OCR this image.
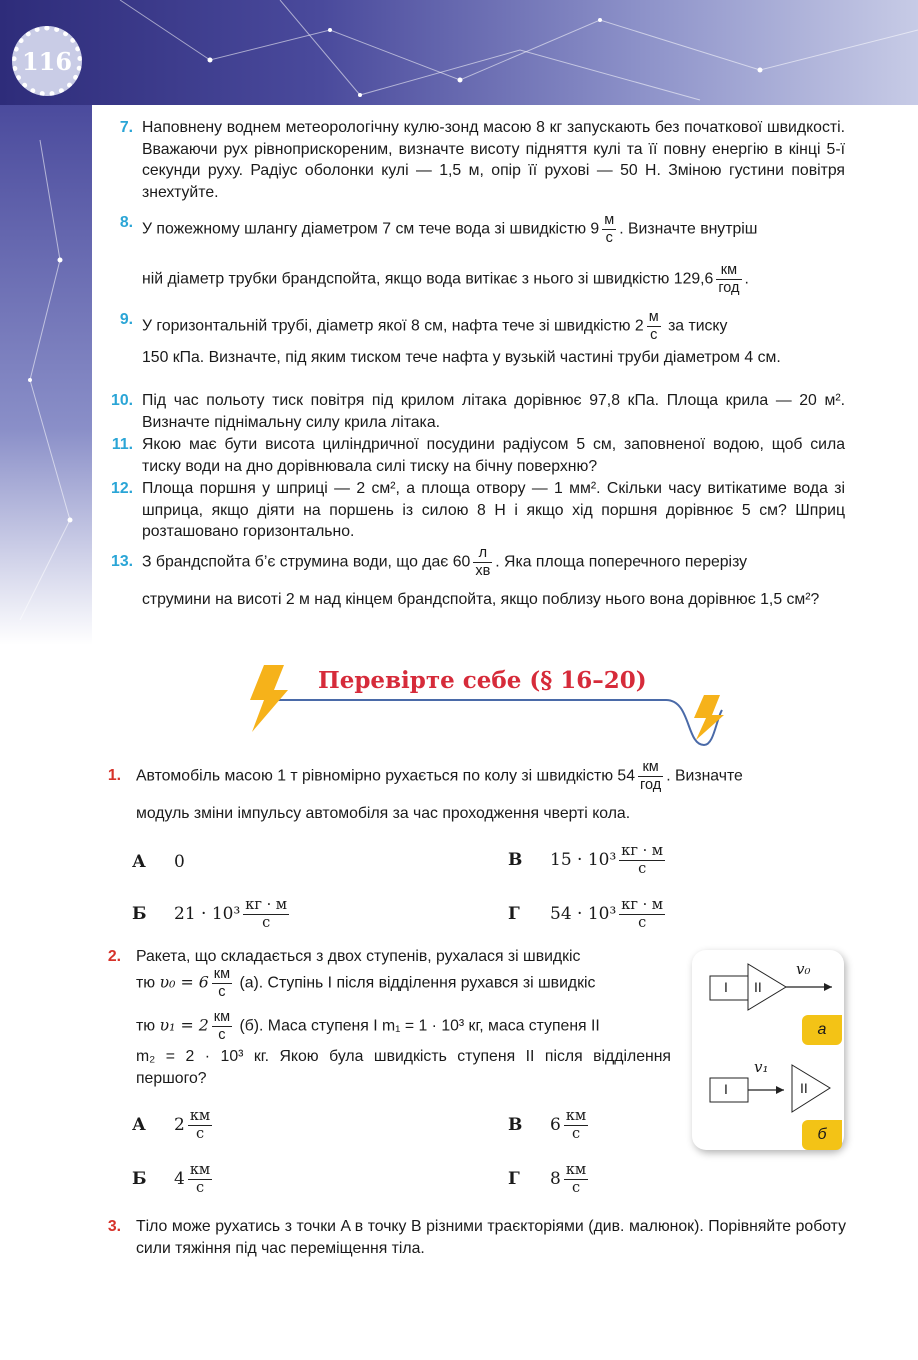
116
7. Наповнену воднем метеорологічну кулю-зонд масою 8 кг запускають без початкової швидкості. Вважаючи рух рівноприскореним, визначте висоту підняття кулі та її повну енергію в кінці 5-ї секунди руху. Радіус оболонки кулі — 1,5 м, опір її рухові — 50 Н. Зміною густини повітря знехтуйте.
8. У пожежному шлангу діаметром 7 см тече вода зі швидкістю $9 \frac{м}{с}$ . Визначте внутріш
ній діаметр трубки брандспойта, якщо вода витікає з нього зі швидкістю $129,6 \frac{км}{\text{год}}$ .
9. У горизонтальній трубі, діаметр якої 8 см, нафта тече зі швидкістю $2 \frac{м}{с}$ за тиску
150 кПа. Визначте, під яким тиском тече нафта у вузькій частині труби діаметром 4 см.
10. Під час польоту тиск повітря під крилом літака дорівнює 97,8 кПа. Площа крила — 20 м². Визначте піднімальну силу крила літака.
11. Якою має бути висота циліндричної посудини радіусом 5 см, заповненої водою, щоб сила тиску води на дно дорівнювала силі тиску на бічну поверхню?
12. Площа поршня у шприці — 2 см², а площа отвору — 1 мм². Скільки часу витікатиме вода зі шприца, якщо діяти на поршень із силою 8 Н і якщо хід поршня дорівнює 5 см? Шприц розташовано горизонтально.
13. З брандспойта б’є струмина води, що дає $60 \frac{л}{хв}$ . Яка площа поперечного перерізу
струмини на висоті 2 м над кінцем брандспойта, якщо поблизу нього вона дорівнює 1,5 см²?
Перевірте себе (§ 16–20)
1. Автомобіль масою 1 т рівномірно рухається по колу зі швидкістю $54 \frac{км}{\text{год}}$ . Визначте
модуль зміни імпульсу автомобіля за час проходження чверті кола.
А 0	В $15 \cdot 10^3 \frac{кг \cdot м}{с}$
Б $21 \cdot 10^3 \frac{кг \cdot м}{с}$	Г $54 \cdot 10^3 \frac{кг \cdot м}{с}$
2. Ракета, що складається з двох ступенів, рухалася зі швидкіс
тю $\upsilon_0 = 6 \frac{км}{с} (а)$. Ступінь І після відділення рухався зі швидкіс
тю $\upsilon_1 = 2 \frac{км}{с} (б)$. Маса ступеня І m₁ = 1 · 10³ кг, маса ступеня ІІ
m₂ = 2 · 10³ кг. Якою була швидкість ступеня ІІ після відділення першого?
I II
v₀
а
I	II
v₁
б
А $2 \frac{км}{с}$	В $6 \frac{км}{с}$
Б $4 \frac{км}{с}$	Г $8 \frac{км}{с}$
3. Тіло може рухатись з точки A в точку B різними траєкторіями (див. малюнок). Порівняйте роботу сили тяжіння під час переміщення тіла.
